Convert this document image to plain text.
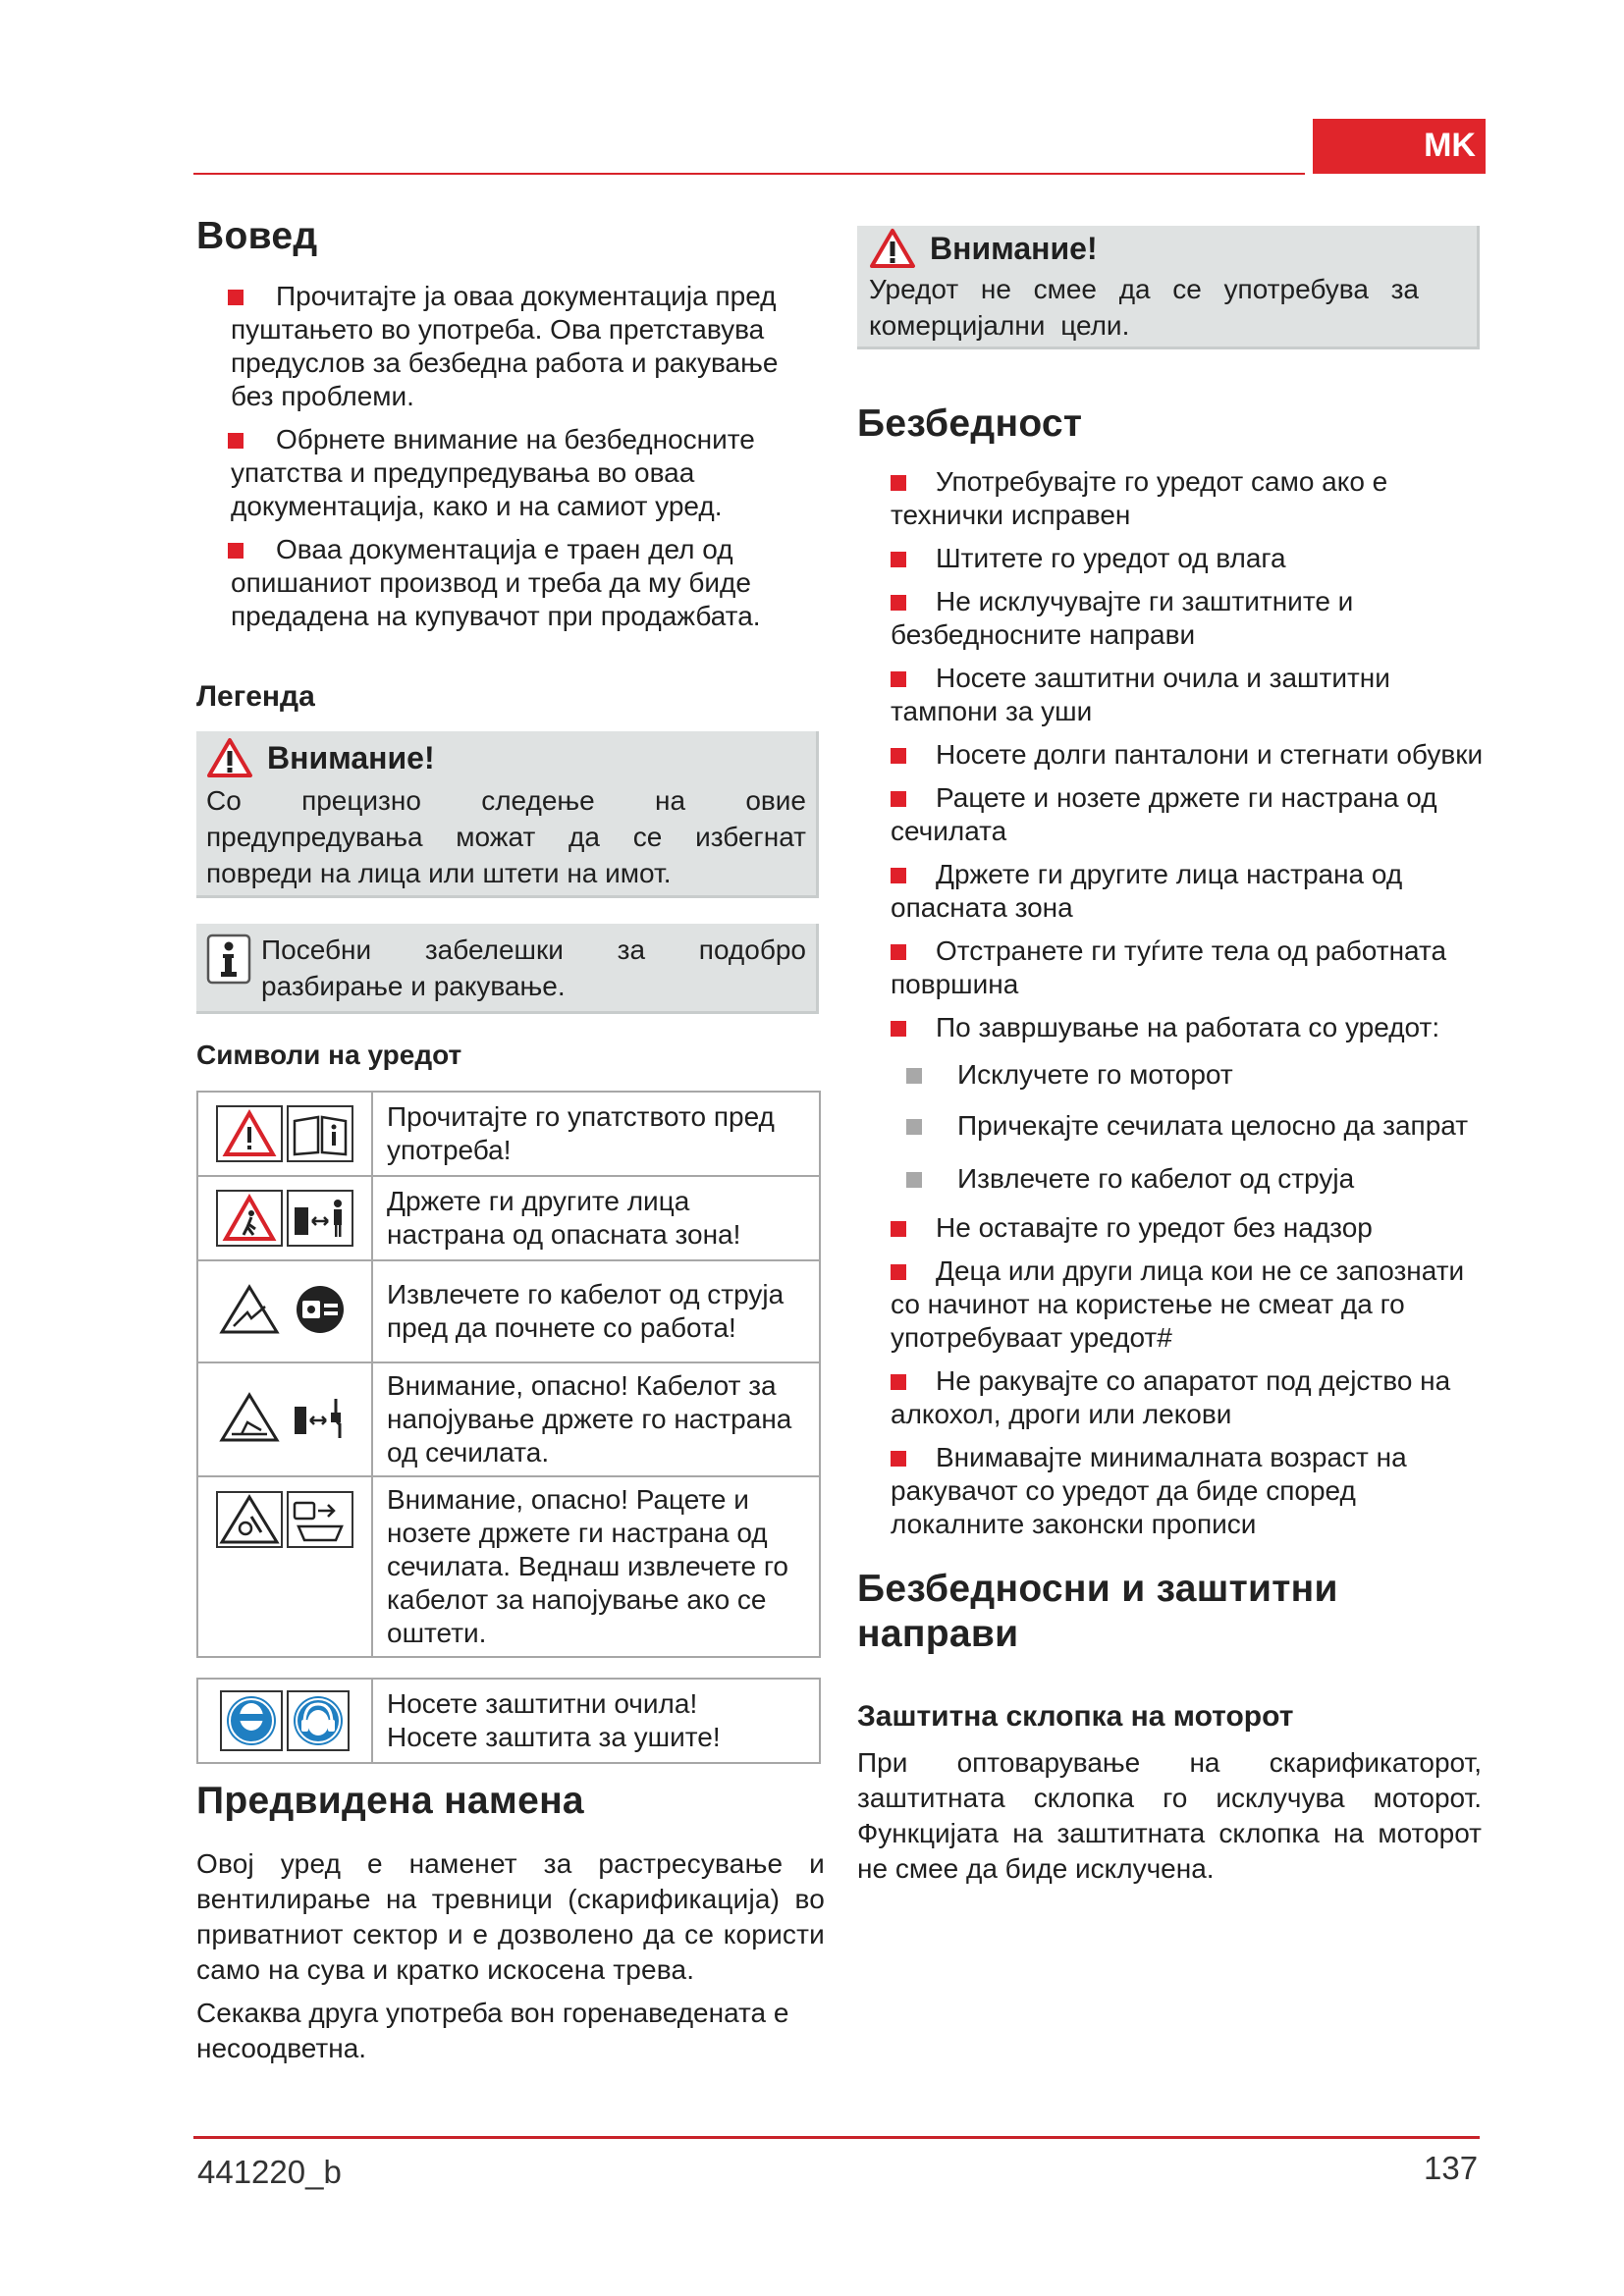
MK
Вовед
Прочитајте ја оваа документација пред пуштањето во употреба. Ова претставува предуслов за безбедна работа и ракување без проблеми.
Обрнете внимание на безбедносните упатства и предупредувања во оваа документација, како и на самиот уред.
Оваа документација е траен дел од опишаниот производ и треба да му биде предадена на купувачот при продажбата.
Легенда
Внимание!

Со прецизно следење на овие предупредувања можат да се избегнат повреди на лица или штети на имот.

Посебни забелешки за подобро разбирање и ракување.

Символи на уредот
	Прочитајте го упатството пред употреба!
	Држете ги другите лица настрана од опасната зона!
	Извлечете го кабелот од струја пред да почнете со работа!
	Внимание, опасно! Кабелот за напојување држете го настрана од сечилата.
	Внимание, опасно! Рацете и нозете држете ги настрана од сечилата. Веднаш извлечете го кабелот за напојување ако се оштети.

Носете заштитни очила!
Носете заштита за ушите!
Предвидена намена

Овој уред е наменет за растресување и вентилирање на тревници (скарификација) во приватниот сектор и е дозволено да се користи само на сува и кратко искосена трева.

Секаква друга употреба вон горенаведената е несоодветна.

Внимание!

Уредот не смее да се употребува за комерцијални цели.

Безбедност
Употребувајте го уредот само ако е технички исправен
Штитете го уредот од влага
Не исклучувајте ги заштитните и безбедносните направи
Носете заштитни очила и заштитни тампони за уши
Носете долги панталони и стегнати обувки
Рацете и нозете држете ги настрана од сечилата
Држете ги другите лица настрана од опасната зона
Отстранете ги туѓите тела од работната површина
По завршување на работата со уредот:
Исклучете го моторот
Причекајте сечилата целосно да запрат
Извлечете го кабелот од струја
Не оставајте го уредот без надзор
Деца или други лица кои не се запознати со начинот на користење не смеат да го употребуваат уредот#
Не ракувајте со апаратот под дејство на алкохол, дроги или лекови
Внимавајте минималната возраст на ракувачот со уредот да биде според локалните законски прописи
Безбедносни и заштитни направи
Заштитна склопка на моторот

При оптоварување на скарификаторот, заштитната склопка го исклучува моторот. Функцијата на заштитната склопка на моторот не смее да биде исклучена.

441220_b	137
